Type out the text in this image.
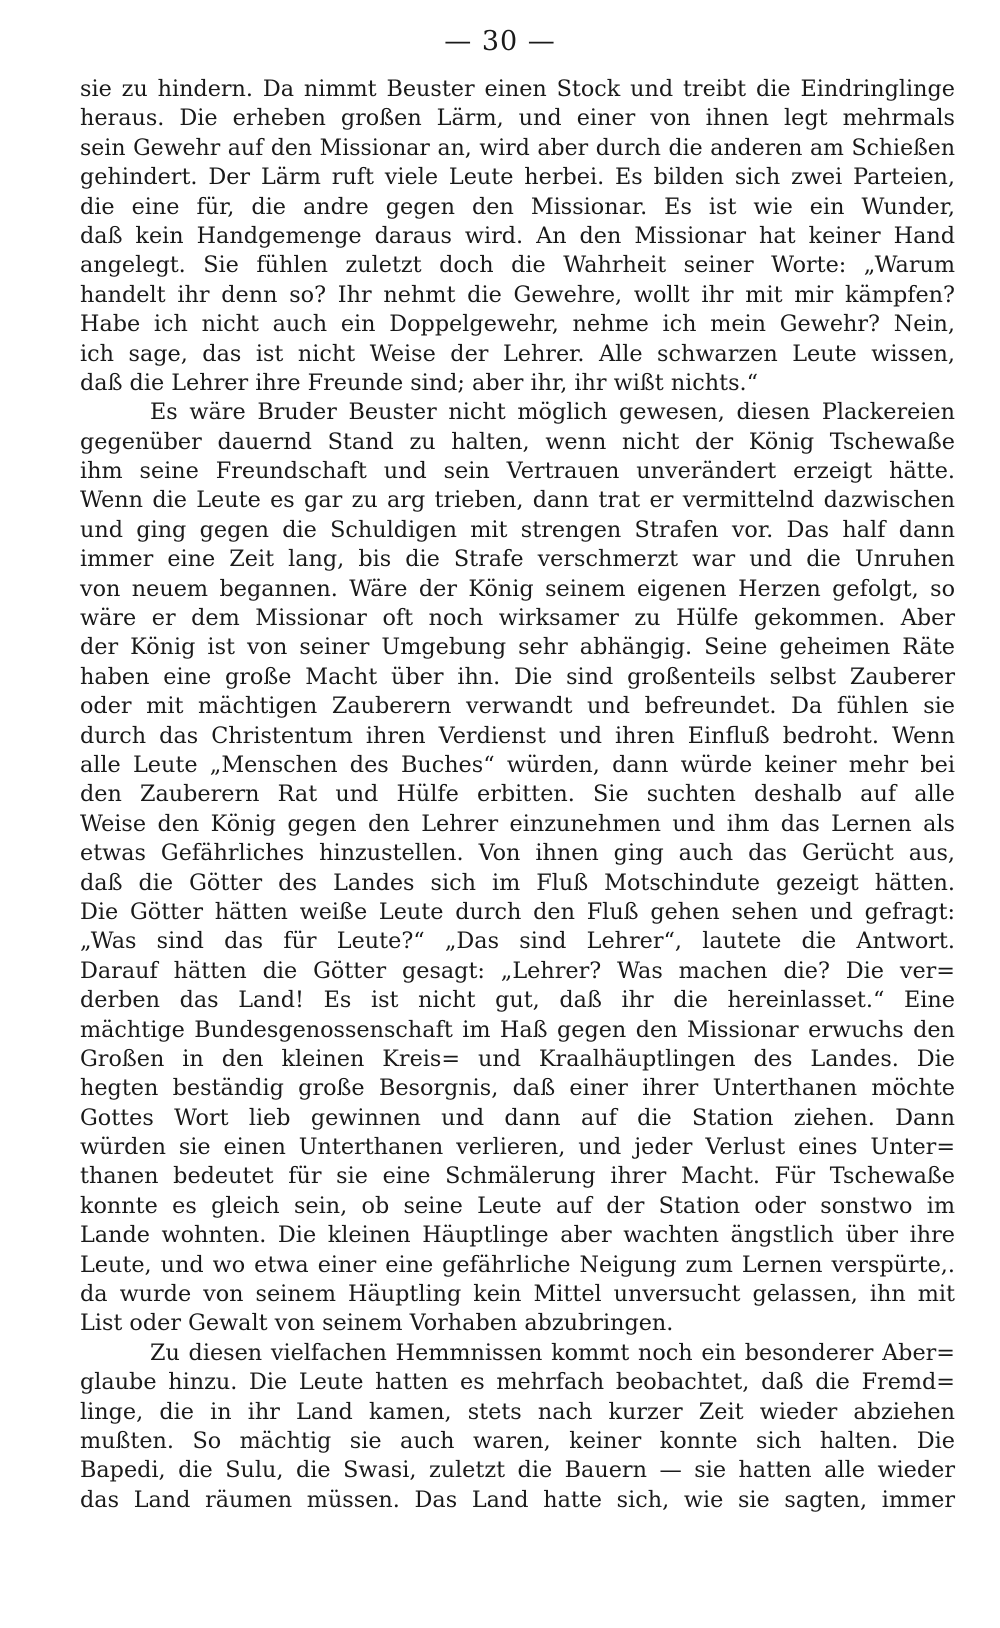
— 30 —
sie zu hindern. Da nimmt Beuster einen Stock und treibt die Eindringlinge
heraus. Die erheben großen Lärm, und einer von ihnen legt mehrmals
sein Gewehr auf den Missionar an, wird aber durch die anderen am Schießen
gehindert. Der Lärm ruft viele Leute herbei. Es bilden sich zwei Parteien,
die eine für, die andre gegen den Missionar. Es ist wie ein Wunder,
daß kein Handgemenge daraus wird. An den Missionar hat keiner Hand
angelegt. Sie fühlen zuletzt doch die Wahrheit seiner Worte: „Warum
handelt ihr denn so? Ihr nehmt die Gewehre, wollt ihr mit mir kämpfen?
Habe ich nicht auch ein Doppelgewehr, nehme ich mein Gewehr? Nein,
ich sage, das ist nicht Weise der Lehrer. Alle schwarzen Leute wissen,
daß die Lehrer ihre Freunde sind; aber ihr, ihr wißt nichts.“
Es wäre Bruder Beuster nicht möglich gewesen, diesen Plackereien
gegenüber dauernd Stand zu halten, wenn nicht der König Tschewaße
ihm seine Freundschaft und sein Vertrauen unverändert erzeigt hätte.
Wenn die Leute es gar zu arg trieben, dann trat er vermittelnd dazwischen
und ging gegen die Schuldigen mit strengen Strafen vor. Das half dann
immer eine Zeit lang, bis die Strafe verschmerzt war und die Unruhen
von neuem begannen. Wäre der König seinem eigenen Herzen gefolgt, so
wäre er dem Missionar oft noch wirksamer zu Hülfe gekommen. Aber
der König ist von seiner Umgebung sehr abhängig. Seine geheimen Räte
haben eine große Macht über ihn. Die sind großenteils selbst Zauberer
oder mit mächtigen Zauberern verwandt und befreundet. Da fühlen sie
durch das Christentum ihren Verdienst und ihren Einfluß bedroht. Wenn
alle Leute „Menschen des Buches“ würden, dann würde keiner mehr bei
den Zauberern Rat und Hülfe erbitten. Sie suchten deshalb auf alle
Weise den König gegen den Lehrer einzunehmen und ihm das Lernen als
etwas Gefährliches hinzustellen. Von ihnen ging auch das Gerücht aus,
daß die Götter des Landes sich im Fluß Motschindute gezeigt hätten.
Die Götter hätten weiße Leute durch den Fluß gehen sehen und gefragt:
„Was sind das für Leute?“ „Das sind Lehrer“, lautete die Antwort.
Darauf hätten die Götter gesagt: „Lehrer? Was machen die? Die ver=
derben das Land! Es ist nicht gut, daß ihr die hereinlasset.“ Eine
mächtige Bundesgenossenschaft im Haß gegen den Missionar erwuchs den
Großen in den kleinen Kreis= und Kraalhäuptlingen des Landes. Die
hegten beständig große Besorgnis, daß einer ihrer Unterthanen möchte
Gottes Wort lieb gewinnen und dann auf die Station ziehen. Dann
würden sie einen Unterthanen verlieren, und jeder Verlust eines Unter=
thanen bedeutet für sie eine Schmälerung ihrer Macht. Für Tschewaße
konnte es gleich sein, ob seine Leute auf der Station oder sonstwo im
Lande wohnten. Die kleinen Häuptlinge aber wachten ängstlich über ihre
Leute, und wo etwa einer eine gefährliche Neigung zum Lernen verspürte,.
da wurde von seinem Häuptling kein Mittel unversucht gelassen, ihn mit
List oder Gewalt von seinem Vorhaben abzubringen.
Zu diesen vielfachen Hemmnissen kommt noch ein besonderer Aber=
glaube hinzu. Die Leute hatten es mehrfach beobachtet, daß die Fremd=
linge, die in ihr Land kamen, stets nach kurzer Zeit wieder abziehen
mußten. So mächtig sie auch waren, keiner konnte sich halten. Die
Bapedi, die Sulu, die Swasi, zuletzt die Bauern — sie hatten alle wieder
das Land räumen müssen. Das Land hatte sich, wie sie sagten, immer
